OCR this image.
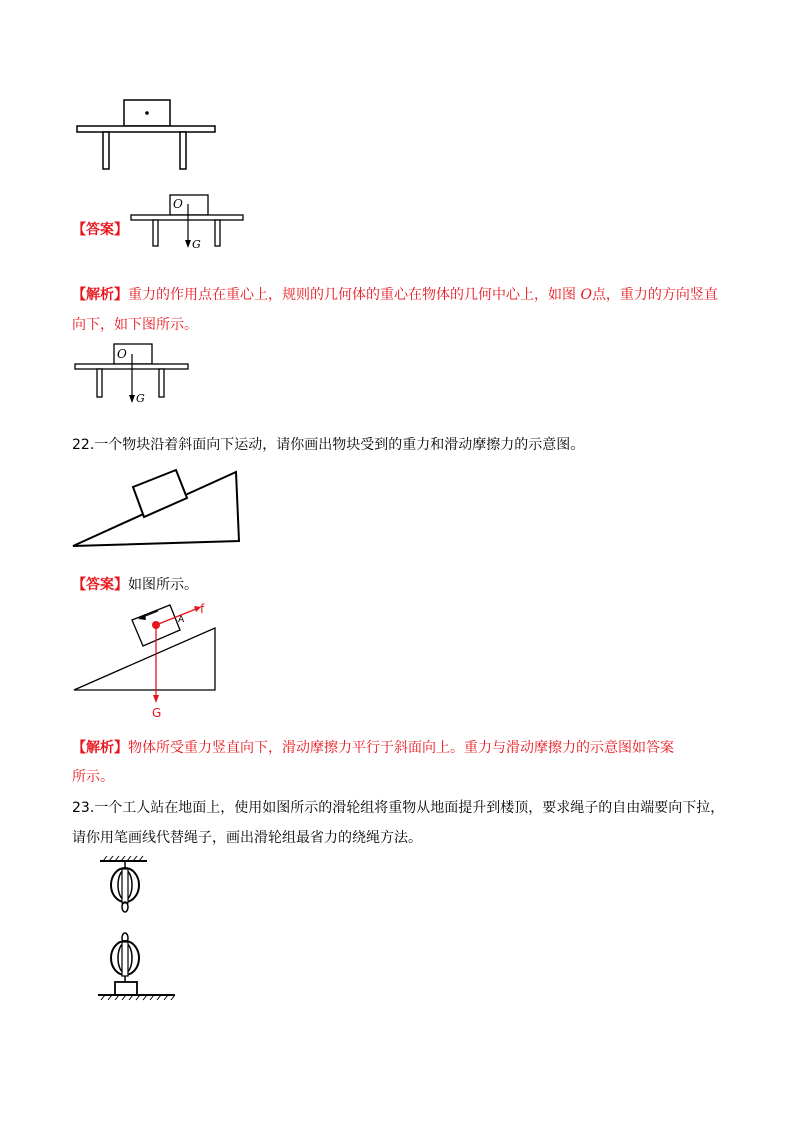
【答案】
O
G
【解析】重力的作用点在重心上，规则的几何体的重心在物体的几何中心上，如图 O点，重力的方向竖直
向下，如下图所示。
O
G
22.一个物块沿着斜面向下运动，请你画出物块受到的重力和滑动摩擦力的示意图。
【答案】如图所示。
f
A
G
【解析】物体所受重力竖直向下，滑动摩擦力平行于斜面向上。重力与滑动摩擦力的示意图如答案
所示。
23.一个工人站在地面上，使用如图所示的滑轮组将重物从地面提升到楼顶，要求绳子的自由端要向下拉，
请你用笔画线代替绳子，画出滑轮组最省力的绕绳方法。
